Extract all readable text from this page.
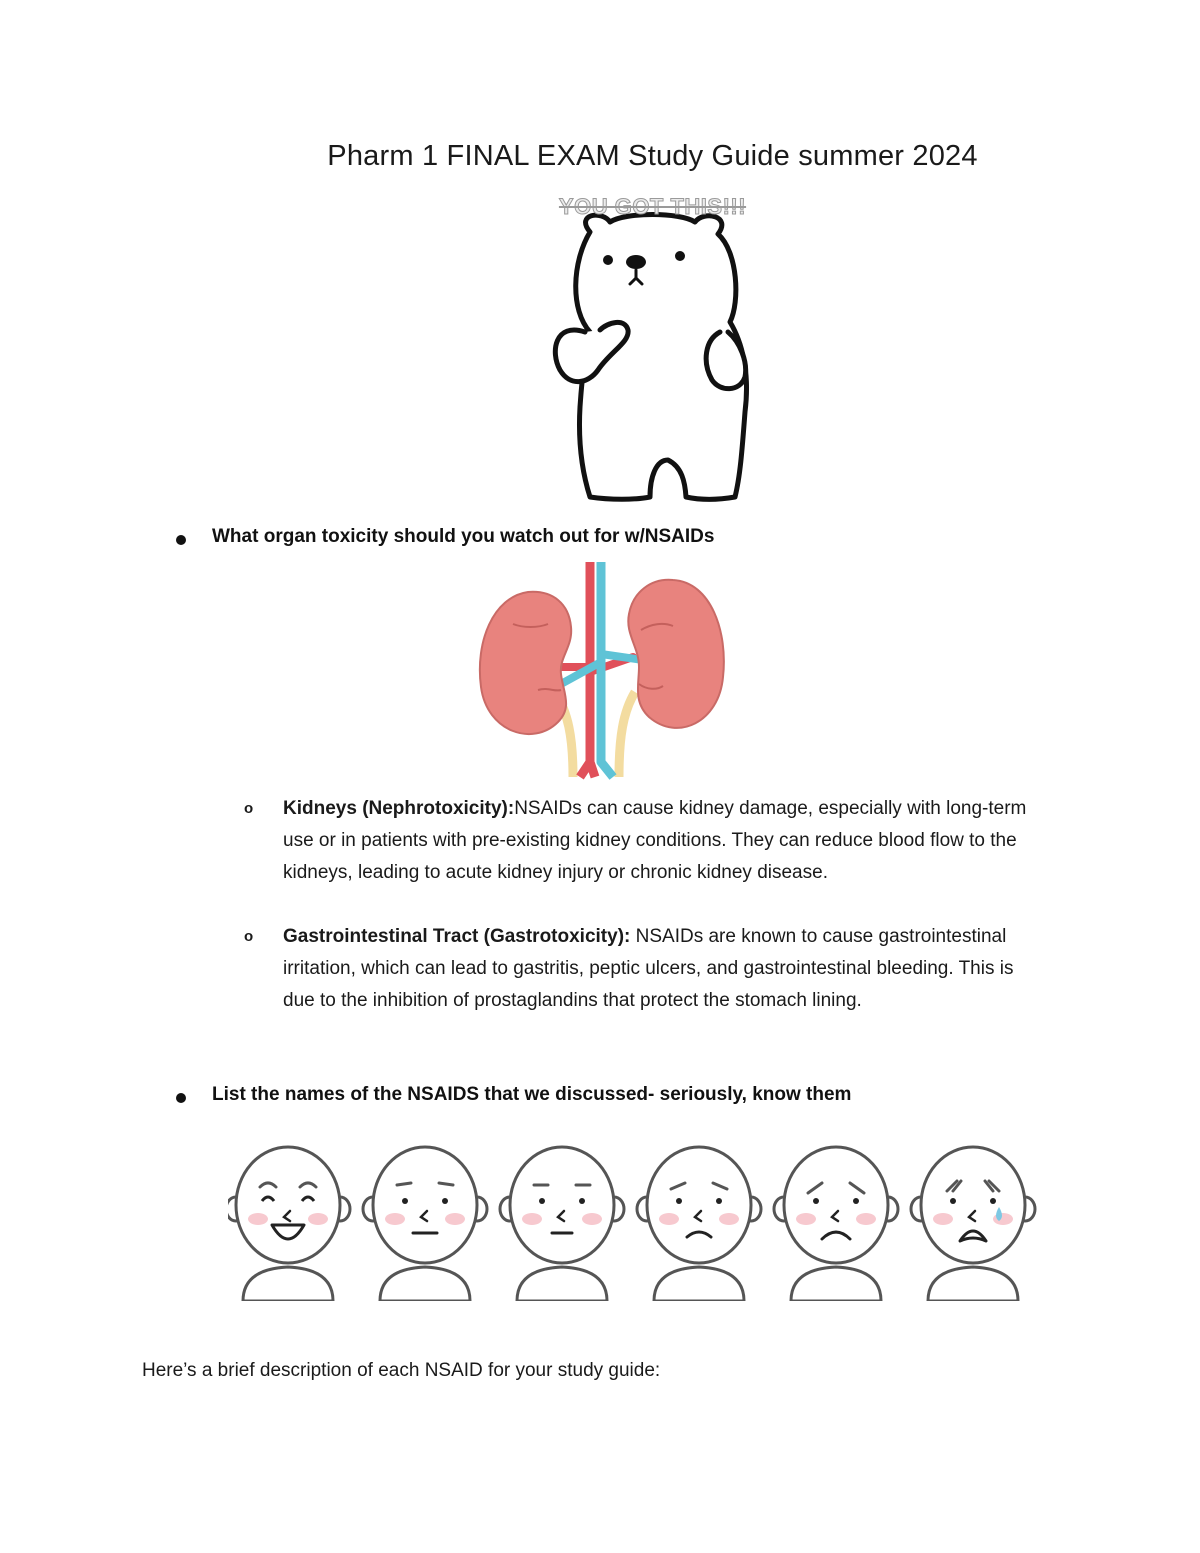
Pharm 1 FINAL EXAM Study Guide summer 2024
YOU GOT THIS!!!
What organ toxicity should you watch out for w/NSAIDs
o Kidneys (Nephrotoxicity):NSAIDs can cause kidney damage, especially with long-term use or in patients with pre-existing kidney conditions. They can reduce blood flow to the kidneys, leading to acute kidney injury or chronic kidney disease.
o Gastrointestinal Tract (Gastrotoxicity): NSAIDs are known to cause gastrointestinal irritation, which can lead to gastritis, peptic ulcers, and gastrointestinal bleeding. This is due to the inhibition of prostaglandins that protect the stomach lining.
List the names of the NSAIDS that we discussed- seriously, know them
Here’s a brief description of each NSAID for your study guide:
